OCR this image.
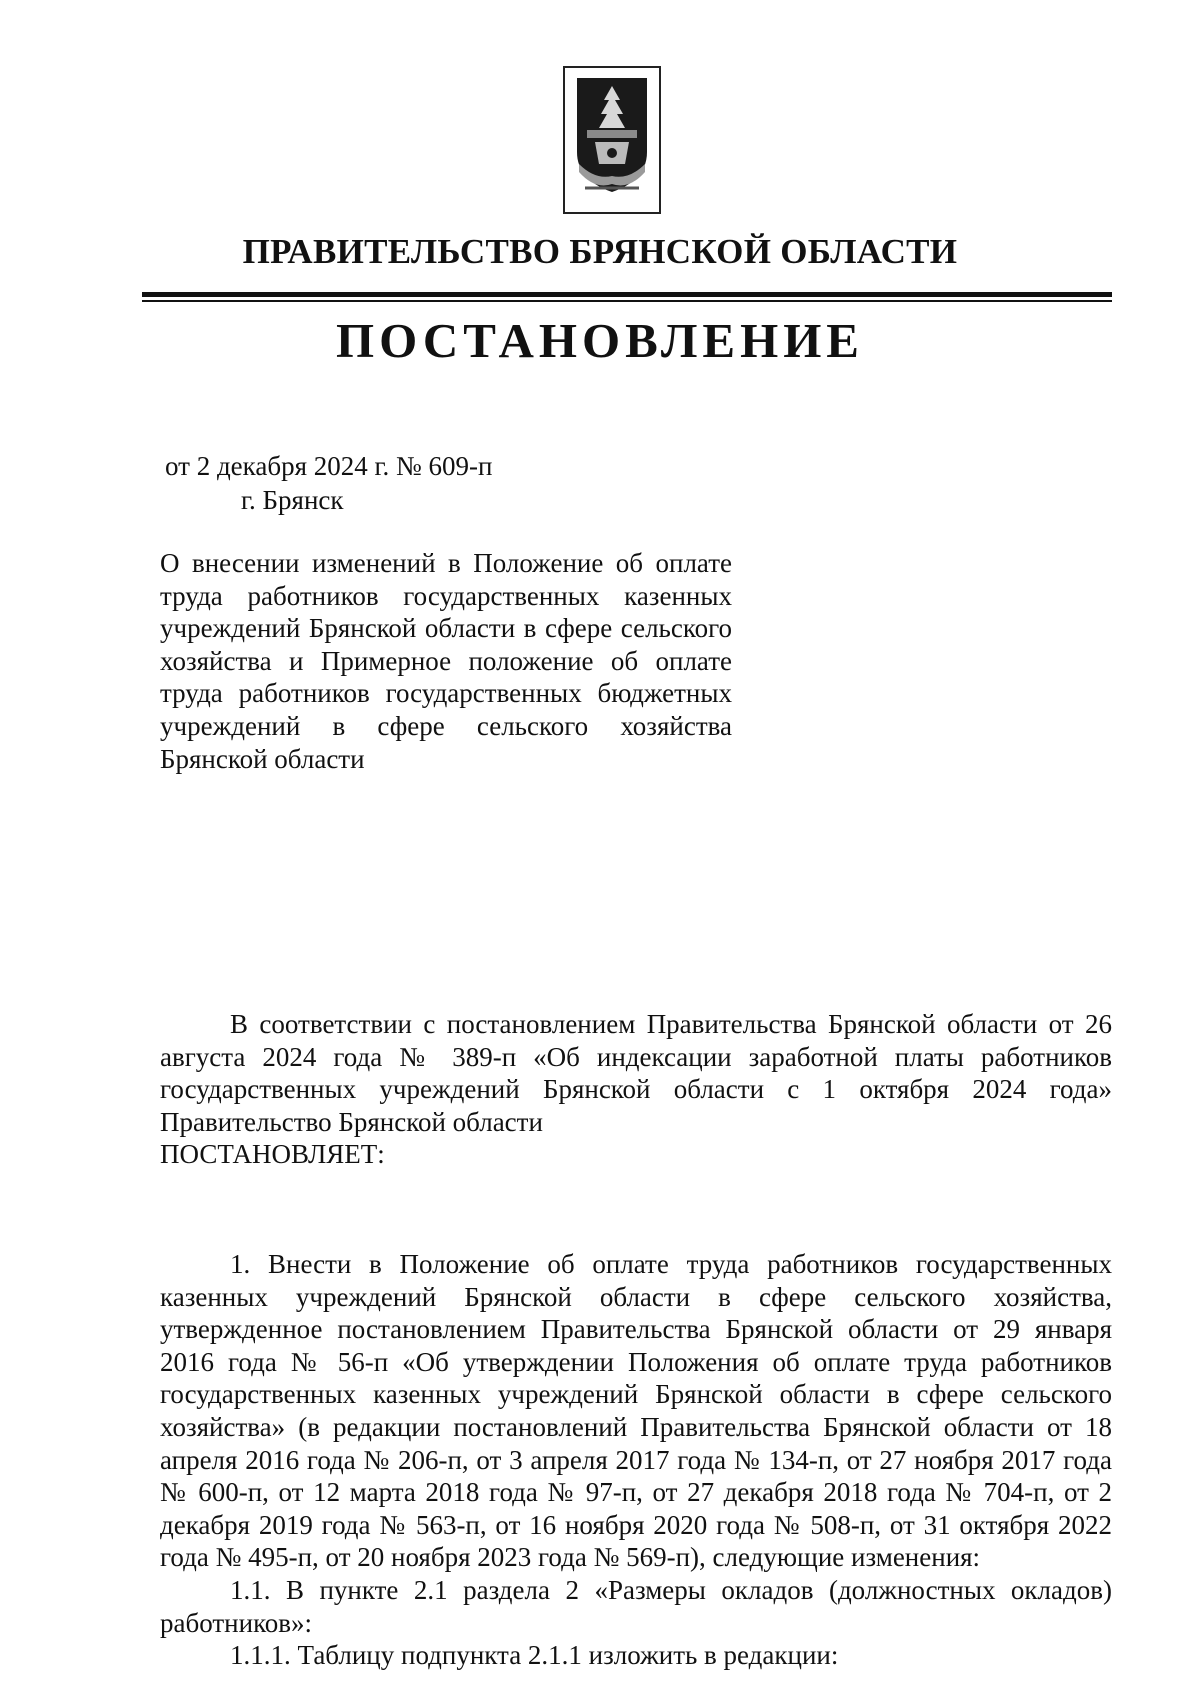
ПРАВИТЕЛЬСТВО БРЯНСКОЙ ОБЛАСТИ
ПОСТАНОВЛЕНИЕ
от 2 декабря 2024 г. № 609-п
г. Брянск

О внесении изменений в Положение об оплате труда работников государственных казенных учреждений Брянской области в сфере сельского хозяйства и Примерное положение об оплате труда работников государственных бюджетных учреждений в сфере сельского хозяйства Брянской области

В соответствии с постановлением Правительства Брянской области от 26 августа 2024 года № 389-п «Об индексации заработной платы работников государственных учреждений Брянской области с 1 октября 2024 года» Правительство Брянской области

ПОСТАНОВЛЯЕТ:

1. Внести в Положение об оплате труда работников государственных казенных учреждений Брянской области в сфере сельского хозяйства, утвержденное постановлением Правительства Брянской области от 29 января 2016 года № 56-п «Об утверждении Положения об оплате труда работников государственных казенных учреждений Брянской области в сфере сельского хозяйства» (в редакции постановлений Правительства Брянской области от 18 апреля 2016 года № 206-п, от 3 апреля 2017 года № 134-п, от 27 ноября 2017 года № 600-п, от 12 марта 2018 года № 97-п, от 27 декабря 2018 года № 704-п, от 2 декабря 2019 года № 563-п, от 16 ноября 2020 года № 508-п, от 31 октября 2022 года № 495-п, от 20 ноября 2023 года № 569-п), следующие изменения:

1.1. В пункте 2.1 раздела 2 «Размеры окладов (должностных окладов) работников»:

1.1.1. Таблицу подпункта 2.1.1 изложить в редакции:
